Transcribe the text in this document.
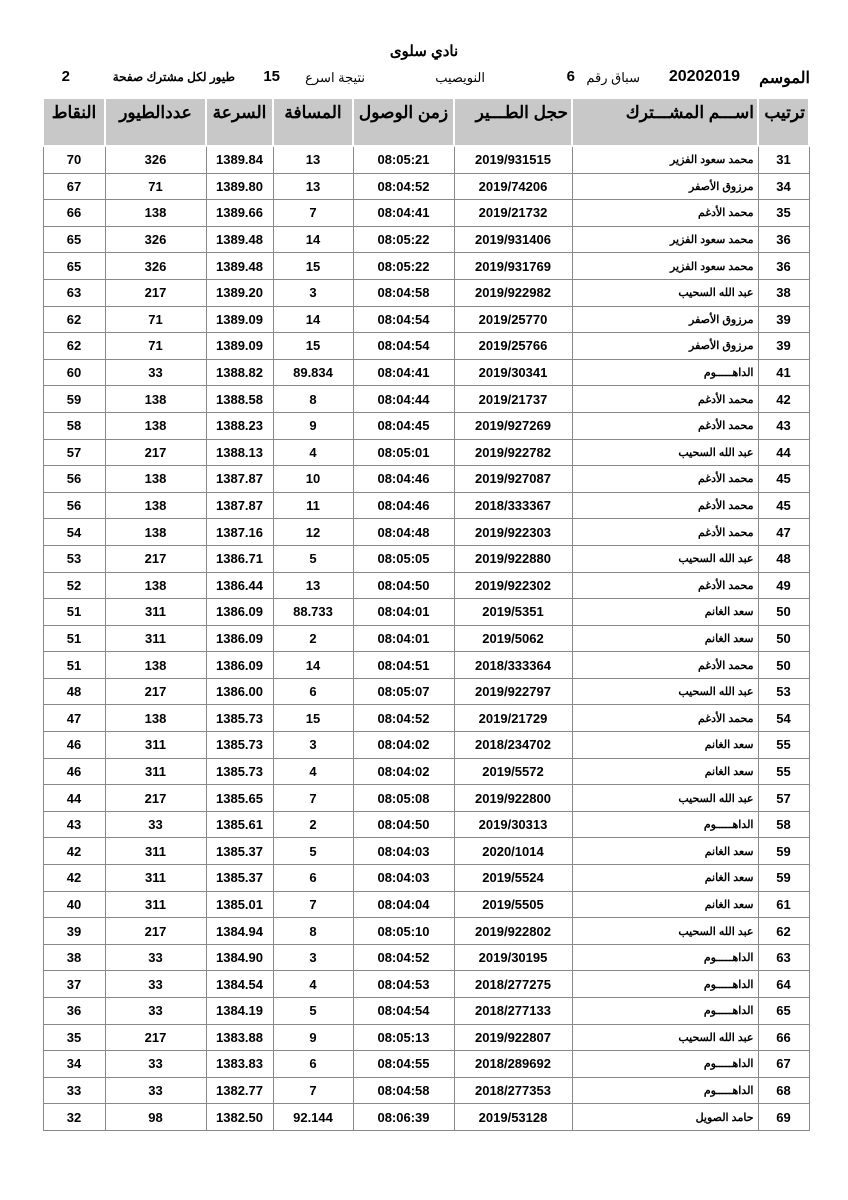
نادي سلوى
الموسم
20202019
سباق رقم
6
النويصيب
نتيجة اسرع
15
طيور لكل مشترك صفحة
2
ترتيب	اســـم المشـــترك	حجل الطـــير	زمن الوصول	المسافة	السرعة	عددالطيور	النقاط
31	محمد سعود الفزير	2019/931515	08:05:21	13	1389.84	326	70
34	مرزوق الأصفر	2019/74206	08:04:52	13	1389.80	71	67
35	محمد الأدغم	2019/21732	08:04:41	7	1389.66	138	66
36	محمد سعود الفزير	2019/931406	08:05:22	14	1389.48	326	65
36	محمد سعود الفزير	2019/931769	08:05:22	15	1389.48	326	65
38	عبد الله السحيب	2019/922982	08:04:58	3	1389.20	217	63
39	مرزوق الأصفر	2019/25770	08:04:54	14	1389.09	71	62
39	مرزوق الأصفر	2019/25766	08:04:54	15	1389.09	71	62
41	الداهـــــوم	2019/30341	08:04:41	89.834	1388.82	33	60
42	محمد الأدغم	2019/21737	08:04:44	8	1388.58	138	59
43	محمد الأدغم	2019/927269	08:04:45	9	1388.23	138	58
44	عبد الله السحيب	2019/922782	08:05:01	4	1388.13	217	57
45	محمد الأدغم	2019/927087	08:04:46	10	1387.87	138	56
45	محمد الأدغم	2018/333367	08:04:46	11	1387.87	138	56
47	محمد الأدغم	2019/922303	08:04:48	12	1387.16	138	54
48	عبد الله السحيب	2019/922880	08:05:05	5	1386.71	217	53
49	محمد الأدغم	2019/922302	08:04:50	13	1386.44	138	52
50	سعد الغانم	2019/5351	08:04:01	88.733	1386.09	311	51
50	سعد الغانم	2019/5062	08:04:01	2	1386.09	311	51
50	محمد الأدغم	2018/333364	08:04:51	14	1386.09	138	51
53	عبد الله السحيب	2019/922797	08:05:07	6	1386.00	217	48
54	محمد الأدغم	2019/21729	08:04:52	15	1385.73	138	47
55	سعد الغانم	2018/234702	08:04:02	3	1385.73	311	46
55	سعد الغانم	2019/5572	08:04:02	4	1385.73	311	46
57	عبد الله السحيب	2019/922800	08:05:08	7	1385.65	217	44
58	الداهـــــوم	2019/30313	08:04:50	2	1385.61	33	43
59	سعد الغانم	2020/1014	08:04:03	5	1385.37	311	42
59	سعد الغانم	2019/5524	08:04:03	6	1385.37	311	42
61	سعد الغانم	2019/5505	08:04:04	7	1385.01	311	40
62	عبد الله السحيب	2019/922802	08:05:10	8	1384.94	217	39
63	الداهـــــوم	2019/30195	08:04:52	3	1384.90	33	38
64	الداهـــــوم	2018/277275	08:04:53	4	1384.54	33	37
65	الداهـــــوم	2018/277133	08:04:54	5	1384.19	33	36
66	عبد الله السحيب	2019/922807	08:05:13	9	1383.88	217	35
67	الداهـــــوم	2018/289692	08:04:55	6	1383.83	33	34
68	الداهـــــوم	2018/277353	08:04:58	7	1382.77	33	33
69	حامد الصويل	2019/53128	08:06:39	92.144	1382.50	98	32
